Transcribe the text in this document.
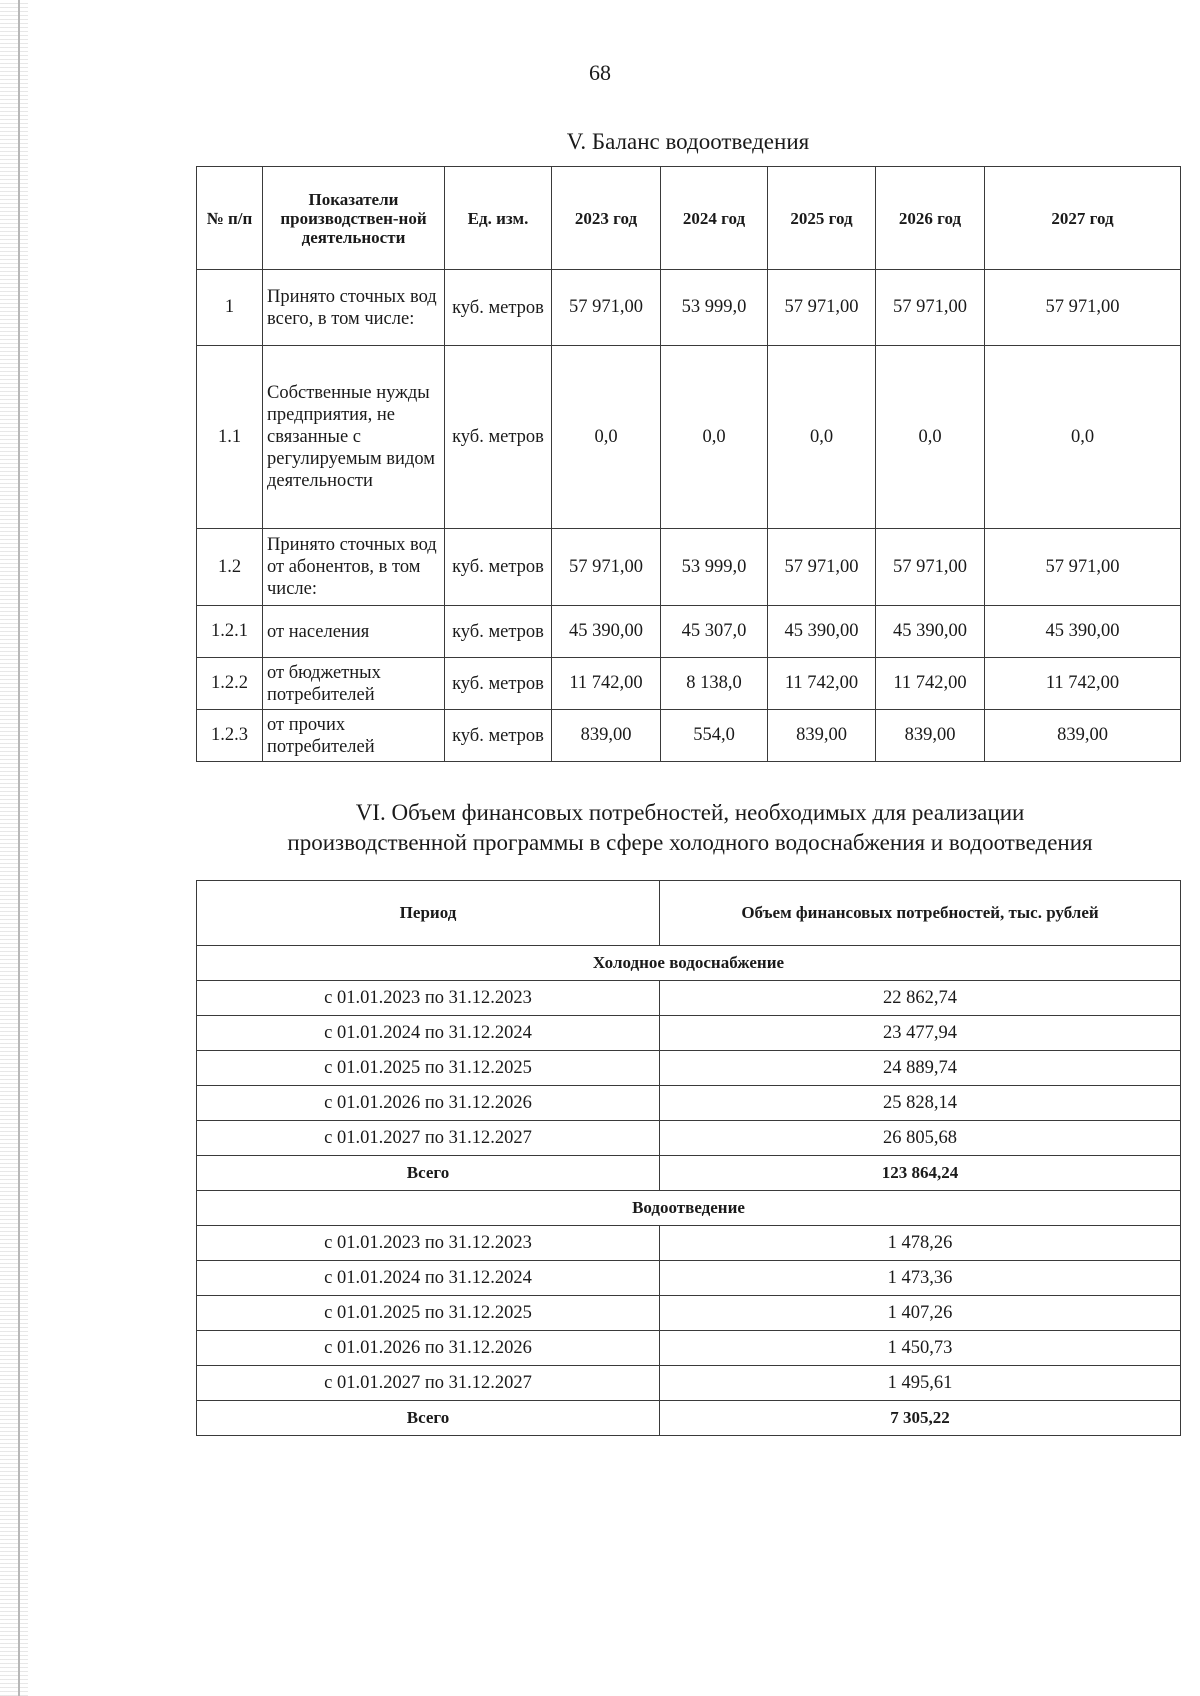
68
V. Баланс водоотведения
№ п/п	Показатели производствен-ной деятельности	Ед. изм.	2023 год	2024 год	2025 год	2026 год	2027 год
1	Принято сточных вод всего, в том числе:	куб. метров	57 971,00	53 999,0	57 971,00	57 971,00	57 971,00
1.1	Собственные нужды предприятия, не связанные с регулируемым видом деятельности	куб. метров	0,0	0,0	0,0	0,0	0,0
1.2	Принято сточных вод от абонентов, в том числе:	куб. метров	57 971,00	53 999,0	57 971,00	57 971,00	57 971,00
1.2.1	от населения	куб. метров	45 390,00	45 307,0	45 390,00	45 390,00	45 390,00
1.2.2	от бюджетных потребителей	куб. метров	11 742,00	8 138,0	11 742,00	11 742,00	11 742,00
1.2.3	от прочих потребителей	куб. метров	839,00	554,0	839,00	839,00	839,00
VI. Объем финансовых потребностей, необходимых для реализации
производственной программы в сфере холодного водоснабжения и водоотведения
Период	Объем финансовых потребностей, тыс. рублей
Холодное водоснабжение	
с 01.01.2023 по 31.12.2023	22 862,74
с 01.01.2024 по 31.12.2024	23 477,94
с 01.01.2025 по 31.12.2025	24 889,74
с 01.01.2026 по 31.12.2026	25 828,14
с 01.01.2027 по 31.12.2027	26 805,68
Всего	123 864,24
Водоотведение	
с 01.01.2023 по 31.12.2023	1 478,26
с 01.01.2024 по 31.12.2024	1 473,36
с 01.01.2025 по 31.12.2025	1 407,26
с 01.01.2026 по 31.12.2026	1 450,73
с 01.01.2027 по 31.12.2027	1 495,61
Всего	7 305,22
